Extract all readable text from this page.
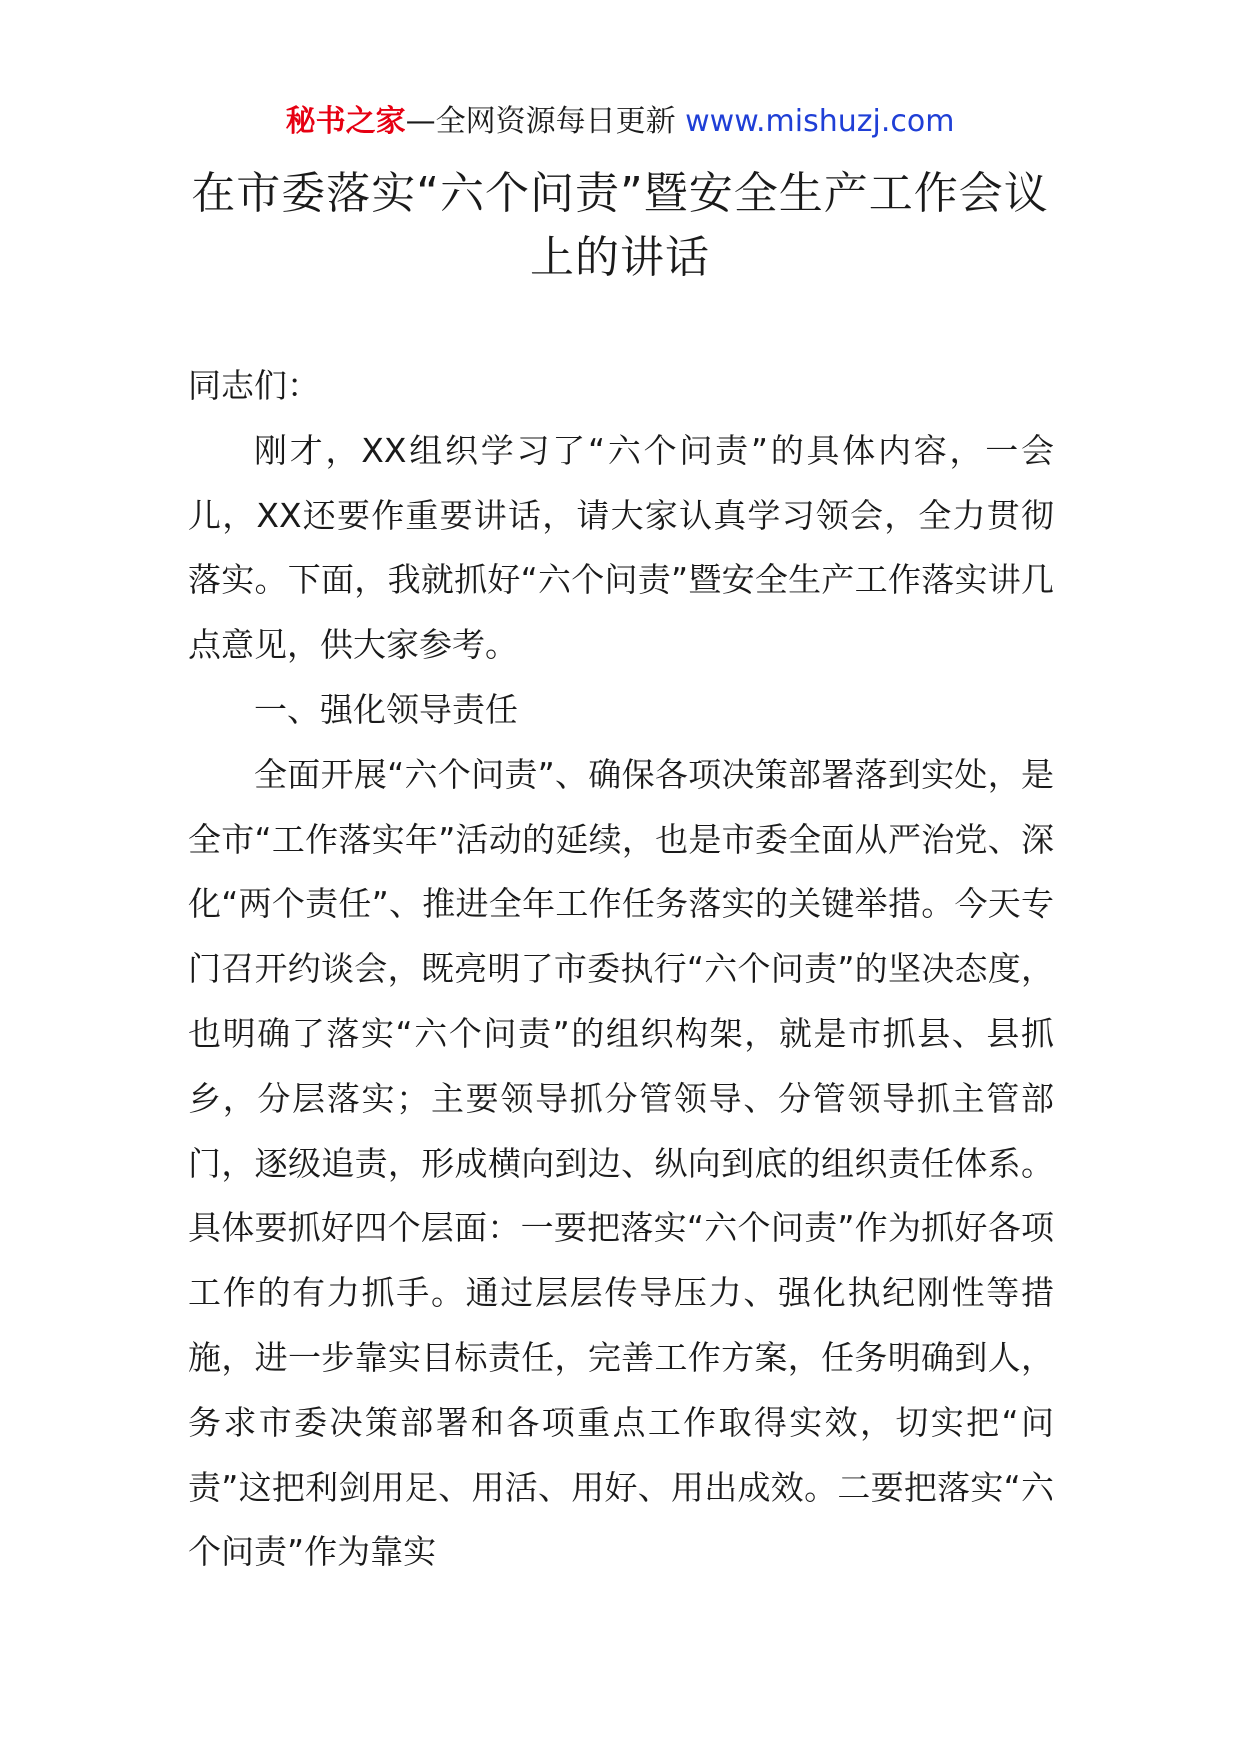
秘书之家—全网资源每日更新 www.mishuzj.com
在市委落实“六个问责”暨安全生产工作会议上的讲话

同志们：

刚才，XX组织学习了“六个问责”的具体内容，一会儿，XX还要作重要讲话，请大家认真学习领会，全力贯彻落实。下面，我就抓好“六个问责”暨安全生产工作落实讲几点意见，供大家参考。

一、强化领导责任

全面开展“六个问责”、确保各项决策部署落到实处，是全市“工作落实年”活动的延续，也是市委全面从严治党、深化“两个责任”、推进全年工作任务落实的关键举措。今天专门召开约谈会，既亮明了市委执行“六个问责”的坚决态度，也明确了落实“六个问责”的组织构架，就是市抓县、县抓乡，分层落实；主要领导抓分管领导、分管领导抓主管部门，逐级追责，形成横向到边、纵向到底的组织责任体系。具体要抓好四个层面：一要把落实“六个问责”作为抓好各项工作的有力抓手。通过层层传导压力、强化执纪刚性等措施，进一步靠实目标责任，完善工作方案，任务明确到人，务求市委决策部署和各项重点工作取得实效，切实把“问责”这把利剑用足、用活、用好、用出成效。二要把落实“六个问责”作为靠实
